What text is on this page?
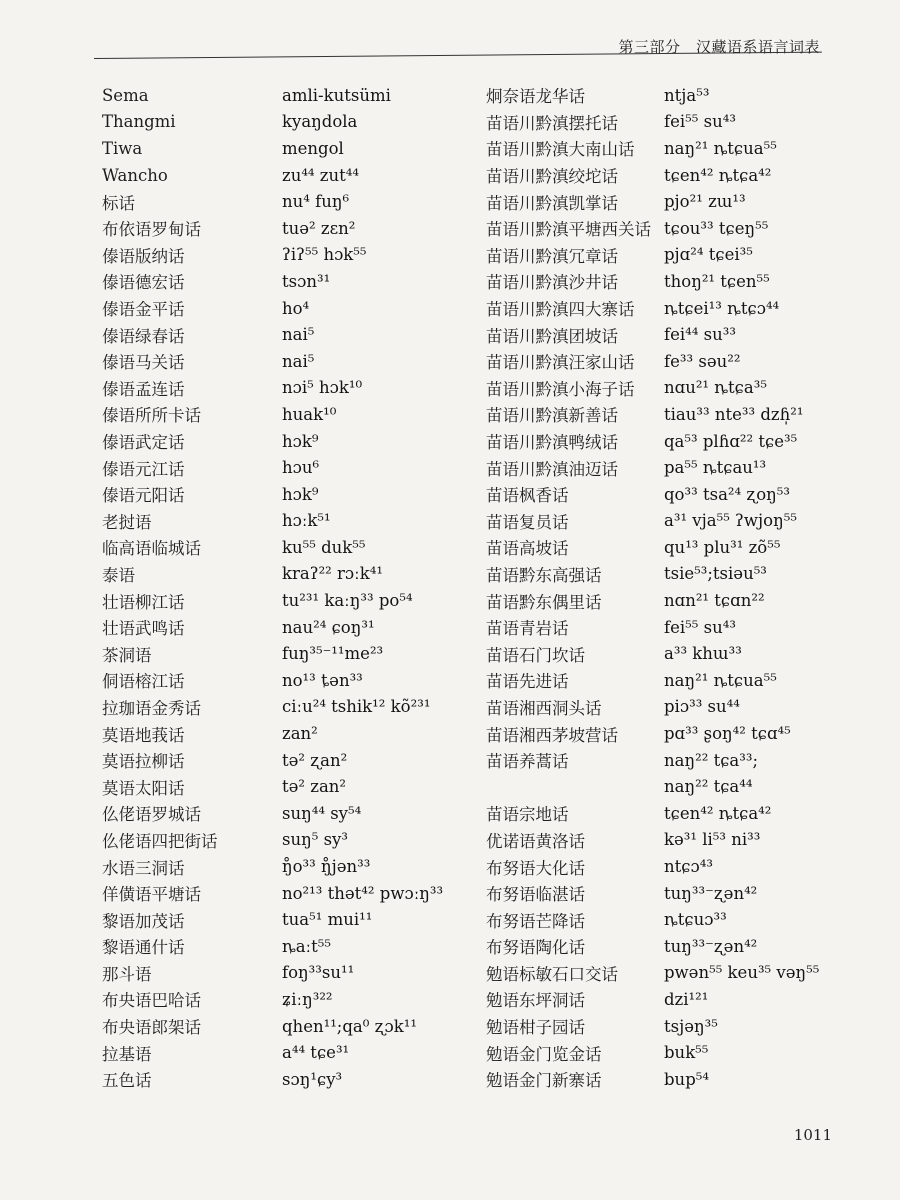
第三部分　汉藏语系语言词表
Sema
Thangmi
Tiwa
Wancho
标话
布依语罗甸话
傣语版纳话
傣语德宏话
傣语金平话
傣语绿春话
傣语马关话
傣语孟连话
傣语所所卡话
傣语武定话
傣语元江话
傣语元阳话
老挝语
临高语临城话
泰语
壮语柳江话
壮语武鸣话
茶洞语
侗语榕江话
拉珈语金秀话
莫语地莪话
莫语拉柳话
莫语太阳话
仫佬语罗城话
仫佬语四把街话
水语三洞话
佯僙语平塘话
黎语加茂话
黎语通什话
那斗语
布央语巴哈话
布央语郎架话
拉基语
五色话
amli-kutsümi
kyaŋdola
mengol
zu⁴⁴ zut⁴⁴
nu⁴ fuŋ⁶
tuə² zɛn²
ʔiʔ⁵⁵ hɔk⁵⁵
tsɔn³¹
ho⁴
nai⁵
nai⁵
nɔi⁵ hɔk¹⁰
huak¹⁰
hɔk⁹
hɔu⁶
hɔk⁹
hɔːk⁵¹
ku⁵⁵ duk⁵⁵
kraʔ²² rɔːk⁴¹
tu²³¹ kaːŋ³³ po⁵⁴
nau²⁴ ɕoŋ³¹
fuŋ³⁵⁻¹¹me²³
no¹³ ȶən³³
ciːu²⁴ tshik¹² kõ²³¹
zan²
tə² ʐan²
tə² zan²
suŋ⁴⁴ sy⁵⁴
suŋ⁵ sy³
ŋ̊o³³ ŋ̊jən³³
no²¹³ thət⁴² pwɔːŋ³³
tua⁵¹ mui¹¹
ȵaːt⁵⁵
foŋ³³su¹¹
ʑiːŋ³²²
qhen¹¹;qa⁰ ʐɔk¹¹
a⁴⁴ tɕe³¹
sɔŋ¹ɕy³
炯奈语龙华话
苗语川黔滇摆托话
苗语川黔滇大南山话
苗语川黔滇绞坨话
苗语川黔滇凯掌话
苗语川黔滇平塘西关话
苗语川黔滇冗章话
苗语川黔滇沙井话
苗语川黔滇四大寨话
苗语川黔滇团坡话
苗语川黔滇汪家山话
苗语川黔滇小海子话
苗语川黔滇新善话
苗语川黔滇鸭绒话
苗语川黔滇油迈话
苗语枫香话
苗语复员话
苗语高坡话
苗语黔东高强话
苗语黔东偶里话
苗语青岩话
苗语石门坎话
苗语先进话
苗语湘西洞头话
苗语湘西茅坡营话
苗语养蒿话
苗语宗地话
优诺语黄洛话
布努语大化话
布努语临湛话
布努语芒降话
布努语陶化话
勉语标敏石口交话
勉语东坪洞话
勉语柑子园话
勉语金门览金话
勉语金门新寨话
ntja⁵³
fei⁵⁵ su⁴³
naŋ²¹ ȵtɕua⁵⁵
tɕen⁴² ȵtɕa⁴²
pjo²¹ zɯ¹³
tɕou³³ tɕeŋ⁵⁵
pjɑ²⁴ tɕei³⁵
thoŋ²¹ tɕen⁵⁵
ȵtɕei¹³ ȵtɕɔ⁴⁴
fei⁴⁴ su³³
fe³³ səu²²
nɑu²¹ ȵtɕa³⁵
tiau³³ nte³³ dzɦ̩²¹
qa⁵³ plɦɑ²² tɕe³⁵
pa⁵⁵ ȵtɕau¹³
qo³³ tsa²⁴ ʐoŋ⁵³
a³¹ vja⁵⁵ ʔwjoŋ⁵⁵
qu¹³ plu³¹ zõ⁵⁵
tsie⁵³;tsiəu⁵³
nɑn²¹ tɕɑn²²
fei⁵⁵ su⁴³
a³³ khɯ³³
naŋ²¹ ȵtɕua⁵⁵
piɔ³³ su⁴⁴
pɑ³³ ʂoŋ⁴² tɕɑ⁴⁵
naŋ²² tɕa³³;
naŋ²² tɕa⁴⁴
tɕen⁴² ȵtɕa⁴²
kə³¹ li⁵³ ni³³
ntɕɔ⁴³
tuŋ³³⁻ʐən⁴²
ȵtɕuɔ³³
tuŋ³³⁻ʐən⁴²
pwən⁵⁵ keu³⁵ vəŋ⁵⁵
dzi¹²¹
tsjəŋ³⁵
buk⁵⁵
bup⁵⁴
1011
